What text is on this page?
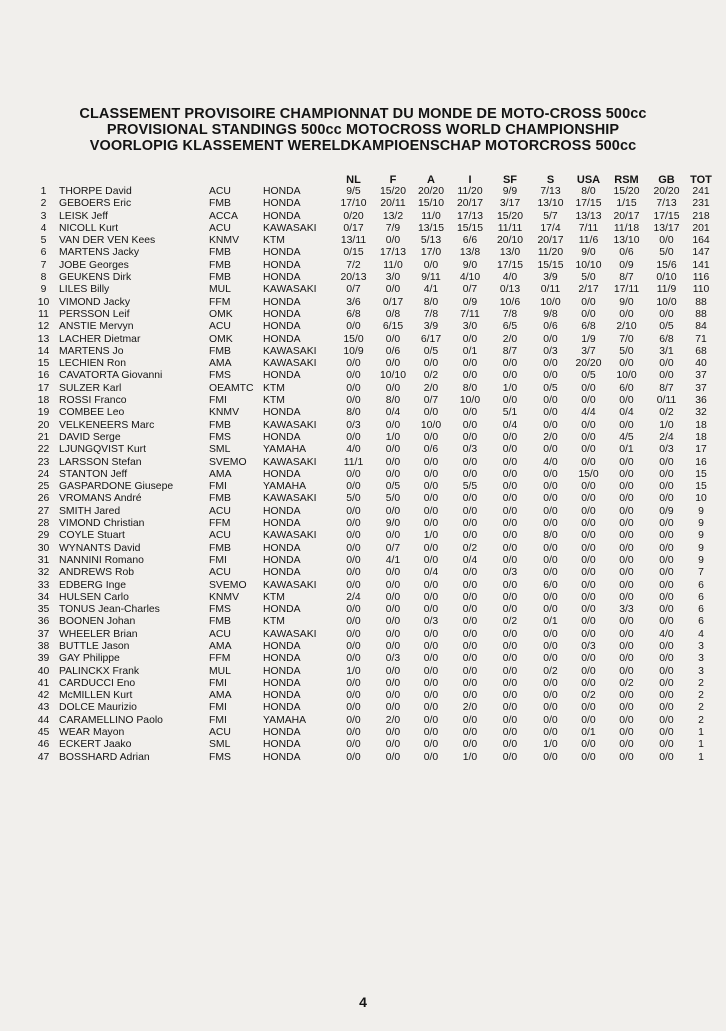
CLASSEMENT PROVISOIRE CHAMPIONNAT DU MONDE DE MOTO-CROSS 500cc
PROVISIONAL STANDINGS 500cc MOTOCROSS WORLD CHAMPIONSHIP
VOORLOPIG KLASSEMENT WERELDKAMPIOENSCHAP MOTORCROSS 500cc
				NL	F	A	I	SF	S	USA	RSM	GB	TOT
1	THORPE David	ACU	HONDA	9/5	15/20	20/20	11/20	9/9	7/13	8/0	15/20	20/20	241
2	GEBOERS Eric	FMB	HONDA	17/10	20/11	15/10	20/17	3/17	13/10	17/15	1/15	7/13	231
3	LEISK Jeff	ACCA	HONDA	0/20	13/2	11/0	17/13	15/20	5/7	13/13	20/17	17/15	218
4	NICOLL Kurt	ACU	KAWASAKI	0/17	7/9	13/15	15/15	11/11	17/4	7/11	11/18	13/17	201
5	VAN DER VEN Kees	KNMV	KTM	13/11	0/0	5/13	6/6	20/10	20/17	11/6	13/10	0/0	164
6	MARTENS Jacky	FMB	HONDA	0/15	17/13	17/0	13/8	13/0	11/20	9/0	0/6	5/0	147
7	JOBE Georges	FMB	HONDA	7/2	11/0	0/0	9/0	17/15	15/15	10/10	0/9	15/6	141
8	GEUKENS Dirk	FMB	HONDA	20/13	3/0	9/11	4/10	4/0	3/9	5/0	8/7	0/10	116
9	LILES Billy	MUL	KAWASAKI	0/7	0/0	4/1	0/7	0/13	0/11	2/17	17/11	11/9	110
10	VIMOND Jacky	FFM	HONDA	3/6	0/17	8/0	0/9	10/6	10/0	0/0	9/0	10/0	88
11	PERSSON Leif	OMK	HONDA	6/8	0/8	7/8	7/11	7/8	9/8	0/0	0/0	0/0	88
12	ANSTIE Mervyn	ACU	HONDA	0/0	6/15	3/9	3/0	6/5	0/6	6/8	2/10	0/5	84
13	LACHER Dietmar	OMK	HONDA	15/0	0/0	6/17	0/0	2/0	0/0	1/9	7/0	6/8	71
14	MARTENS Jo	FMB	KAWASAKI	10/9	0/6	0/5	0/1	8/7	0/3	3/7	5/0	3/1	68
15	LECHIEN Ron	AMA	KAWASAKI	0/0	0/0	0/0	0/0	0/0	0/0	20/20	0/0	0/0	40
16	CAVATORTA Giovanni	FMS	HONDA	0/0	10/10	0/2	0/0	0/0	0/0	0/5	10/0	0/0	37
17	SULZER Karl	OEAMTC	KTM	0/0	0/0	2/0	8/0	1/0	0/5	0/0	6/0	8/7	37
18	ROSSI Franco	FMI	KTM	0/0	8/0	0/7	10/0	0/0	0/0	0/0	0/0	0/11	36
19	COMBEE Leo	KNMV	HONDA	8/0	0/4	0/0	0/0	5/1	0/0	4/4	0/4	0/2	32
20	VELKENEERS Marc	FMB	KAWASAKI	0/3	0/0	10/0	0/0	0/4	0/0	0/0	0/0	1/0	18
21	DAVID Serge	FMS	HONDA	0/0	1/0	0/0	0/0	0/0	2/0	0/0	4/5	2/4	18
22	LJUNGQVIST Kurt	SML	YAMAHA	4/0	0/0	0/6	0/3	0/0	0/0	0/0	0/1	0/3	17
23	LARSSON Stefan	SVEMO	KAWASAKI	11/1	0/0	0/0	0/0	0/0	4/0	0/0	0/0	0/0	16
24	STANTON Jeff	AMA	HONDA	0/0	0/0	0/0	0/0	0/0	0/0	15/0	0/0	0/0	15
25	GASPARDONE Giusepe	FMI	YAMAHA	0/0	0/5	0/0	5/5	0/0	0/0	0/0	0/0	0/0	15
26	VROMANS André	FMB	KAWASAKI	5/0	5/0	0/0	0/0	0/0	0/0	0/0	0/0	0/0	10
27	SMITH Jared	ACU	HONDA	0/0	0/0	0/0	0/0	0/0	0/0	0/0	0/0	0/9	9
28	VIMOND Christian	FFM	HONDA	0/0	9/0	0/0	0/0	0/0	0/0	0/0	0/0	0/0	9
29	COYLE Stuart	ACU	KAWASAKI	0/0	0/0	1/0	0/0	0/0	8/0	0/0	0/0	0/0	9
30	WYNANTS David	FMB	HONDA	0/0	0/7	0/0	0/2	0/0	0/0	0/0	0/0	0/0	9
31	NANNINI Romano	FMI	HONDA	0/0	4/1	0/0	0/4	0/0	0/0	0/0	0/0	0/0	9
32	ANDREWS Rob	ACU	HONDA	0/0	0/0	0/4	0/0	0/3	0/0	0/0	0/0	0/0	7
33	EDBERG Inge	SVEMO	KAWASAKI	0/0	0/0	0/0	0/0	0/0	6/0	0/0	0/0	0/0	6
34	HULSEN Carlo	KNMV	KTM	2/4	0/0	0/0	0/0	0/0	0/0	0/0	0/0	0/0	6
35	TONUS Jean-Charles	FMS	HONDA	0/0	0/0	0/0	0/0	0/0	0/0	0/0	3/3	0/0	6
36	BOONEN Johan	FMB	KTM	0/0	0/0	0/3	0/0	0/2	0/1	0/0	0/0	0/0	6
37	WHEELER Brian	ACU	KAWASAKI	0/0	0/0	0/0	0/0	0/0	0/0	0/0	0/0	4/0	4
38	BUTTLE Jason	AMA	HONDA	0/0	0/0	0/0	0/0	0/0	0/0	0/3	0/0	0/0	3
39	GAY Philippe	FFM	HONDA	0/0	0/3	0/0	0/0	0/0	0/0	0/0	0/0	0/0	3
40	PALINCKX Frank	MUL	HONDA	1/0	0/0	0/0	0/0	0/0	0/2	0/0	0/0	0/0	3
41	CARDUCCI Eno	FMI	HONDA	0/0	0/0	0/0	0/0	0/0	0/0	0/0	0/2	0/0	2
42	McMILLEN Kurt	AMA	HONDA	0/0	0/0	0/0	0/0	0/0	0/0	0/2	0/0	0/0	2
43	DOLCE Maurizio	FMI	HONDA	0/0	0/0	0/0	2/0	0/0	0/0	0/0	0/0	0/0	2
44	CARAMELLINO Paolo	FMI	YAMAHA	0/0	2/0	0/0	0/0	0/0	0/0	0/0	0/0	0/0	2
45	WEAR Mayon	ACU	HONDA	0/0	0/0	0/0	0/0	0/0	0/0	0/1	0/0	0/0	1
46	ECKERT Jaako	SML	HONDA	0/0	0/0	0/0	0/0	0/0	1/0	0/0	0/0	0/0	1
47	BOSSHARD Adrian	FMS	HONDA	0/0	0/0	0/0	1/0	0/0	0/0	0/0	0/0	0/0	1
4
